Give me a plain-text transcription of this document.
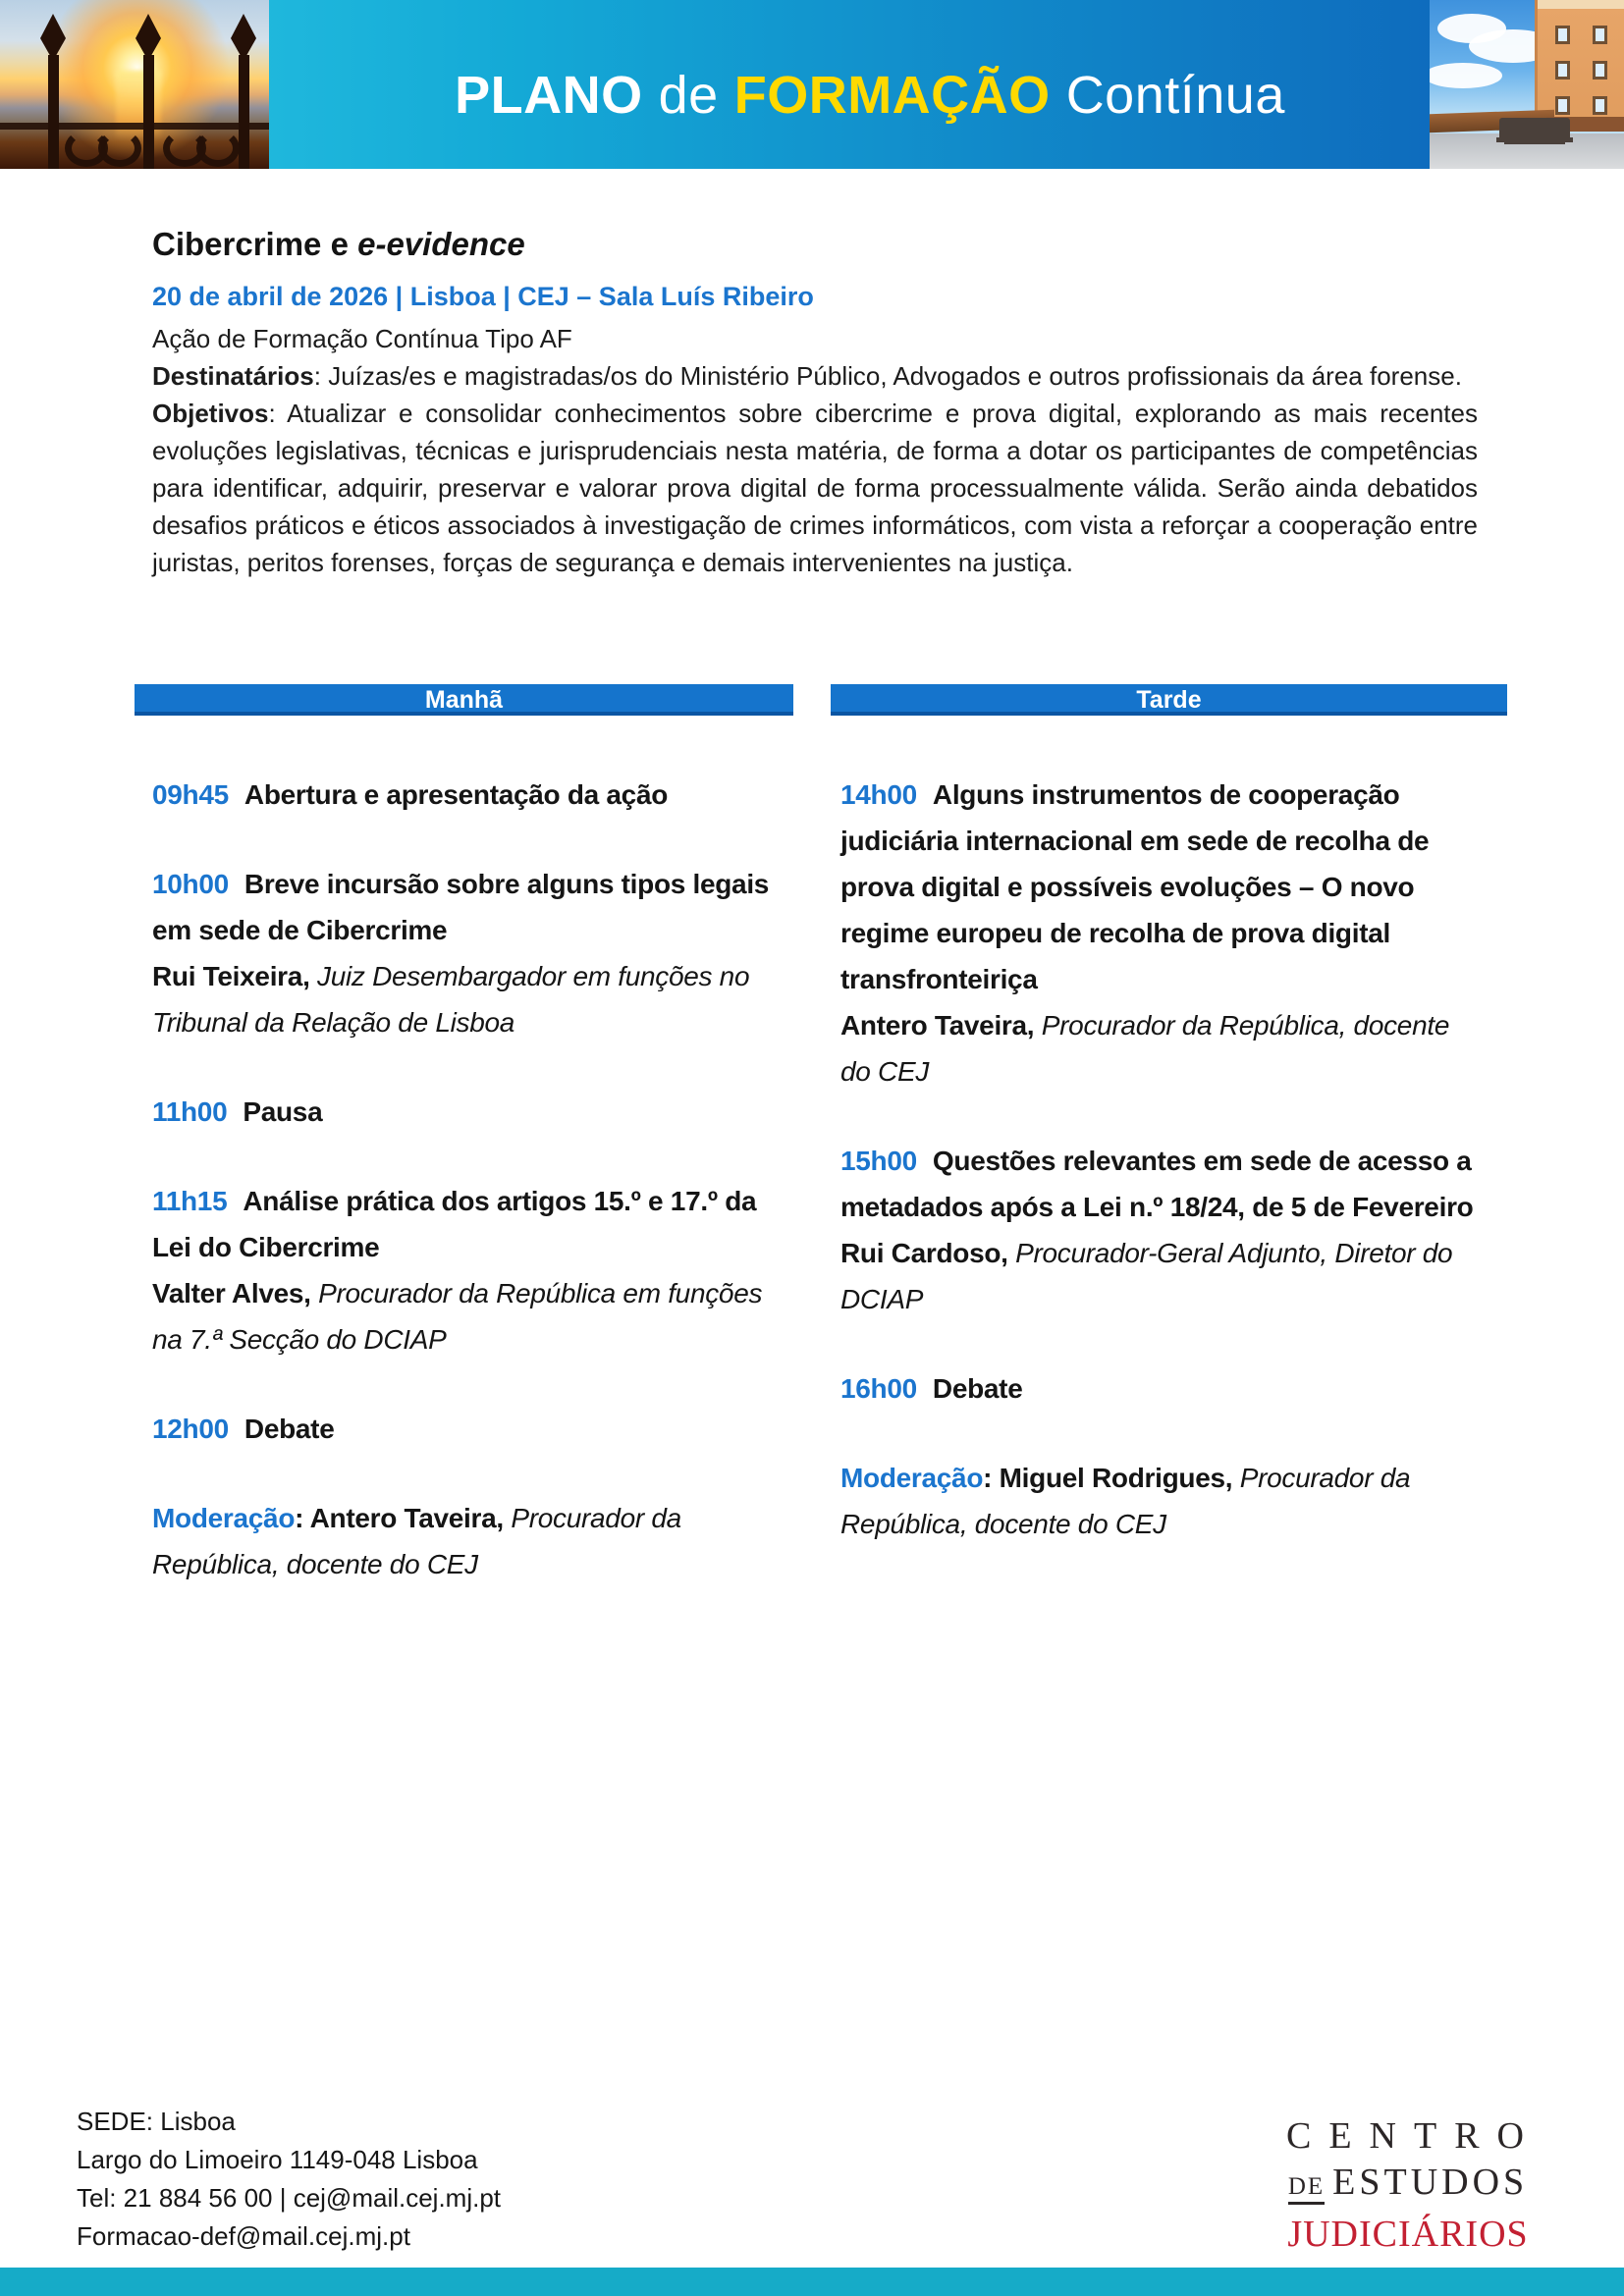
PLANO de FORMAÇÃO Contínua
Cibercrime e e-evidence
20 de abril de 2026 | Lisboa | CEJ – Sala Luís Ribeiro

Ação de Formação Contínua Tipo AF

Destinatários: Juízas/es e magistradas/os do Ministério Público, Advogados e outros profissionais da área forense.

Objetivos: Atualizar e consolidar conhecimentos sobre cibercrime e prova digital, explorando as mais recentes evoluções legislativas, técnicas e jurisprudenciais nesta matéria, de forma a dotar os participantes de competências para identificar, adquirir, preservar e valorar prova digital de forma processualmente válida. Serão ainda debatidos desafios práticos e éticos associados à investigação de crimes informáticos, com vista a reforçar a cooperação entre juristas, peritos forenses, forças de segurança e demais intervenientes na justiça.

Manhã	Tarde
09h45 Abertura e apresentação da ação
10h00 Breve incursão sobre alguns tipos legais em sede de Cibercrime
Rui Teixeira, Juiz Desembargador em funções no Tribunal da Relação de Lisboa
11h00 Pausa
11h15 Análise prática dos artigos 15.º e 17.º da Lei do Cibercrime
Valter Alves, Procurador da República em funções na 7.ª Secção do DCIAP
12h00 Debate
Moderação: Antero Taveira, Procurador da República, docente do CEJ
14h00 Alguns instrumentos de cooperação judiciária internacional em sede de recolha de prova digital e possíveis evoluções – O novo regime europeu de recolha de prova digital transfronteiriça
Antero Taveira, Procurador da República, docente do CEJ
15h00 Questões relevantes em sede de acesso a metadados após a Lei n.º 18/24, de 5 de Fevereiro
Rui Cardoso, Procurador-Geral Adjunto, Diretor do DCIAP
16h00 Debate
Moderação: Miguel Rodrigues, Procurador da República, docente do CEJ
SEDE: Lisboa
Largo do Limoeiro 1149-048 Lisboa
Tel: 21 884 56 00 | cej@mail.cej.mj.pt
Formacao-def@mail.cej.mj.pt
CENTRO
DE ESTUDOS
JUDICIÁRIOS
